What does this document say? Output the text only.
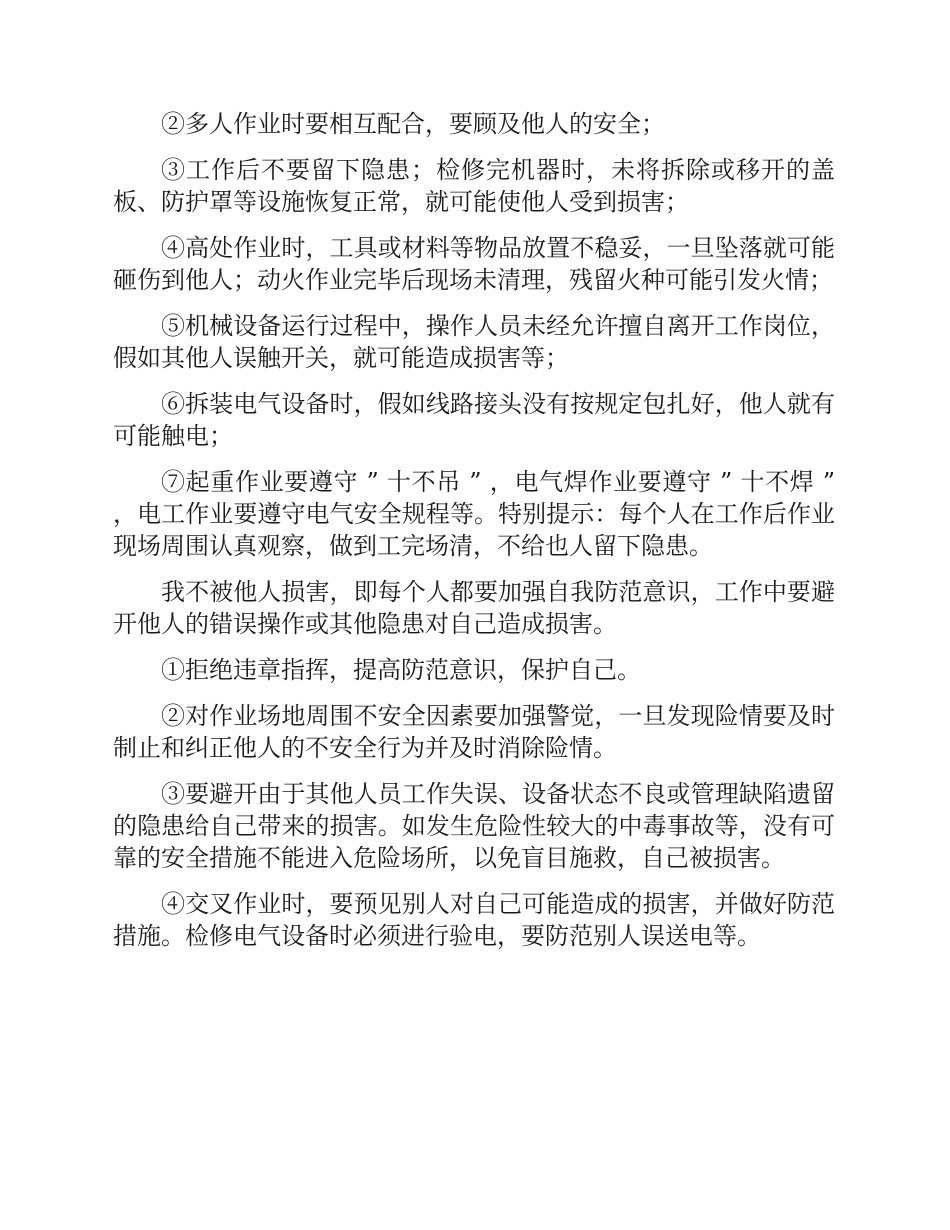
②多人作业时要相互配合，要顾及他人的安全；

③工作后不要留下隐患；检修完机器时，未将拆除或移开的盖板、防护罩等设施恢复正常，就可能使他人受到损害；

④高处作业时，工具或材料等物品放置不稳妥，一旦坠落就可能砸伤到他人；动火作业完毕后现场未清理，残留火种可能引发火情；

⑤机械设备运行过程中，操作人员未经允许擅自离开工作岗位，假如其他人误触开关，就可能造成损害等；

⑥拆装电气设备时，假如线路接头没有按规定包扎好，他人就有可能触电；

⑦起重作业要遵守 ” 十不吊 ” ，电气焊作业要遵守 ” 十不焊 ” ，电工作业要遵守电气安全规程等。特别提示：每个人在工作后作业现场周围认真观察，做到工完场清，不给也人留下隐患。

我不被他人损害，即每个人都要加强自我防范意识，工作中要避开他人的错误操作或其他隐患对自己造成损害。

①拒绝违章指挥，提高防范意识，保护自己。

②对作业场地周围不安全因素要加强警觉，一旦发现险情要及时制止和纠正他人的不安全行为并及时消除险情。

③要避开由于其他人员工作失误、设备状态不良或管理缺陷遗留的隐患给自己带来的损害。如发生危险性较大的中毒事故等，没有可靠的安全措施不能进入危险场所，以免盲目施救，自己被损害。

④交叉作业时，要预见别人对自己可能造成的损害，并做好防范措施。检修电气设备时必须进行验电，要防范别人误送电等。
